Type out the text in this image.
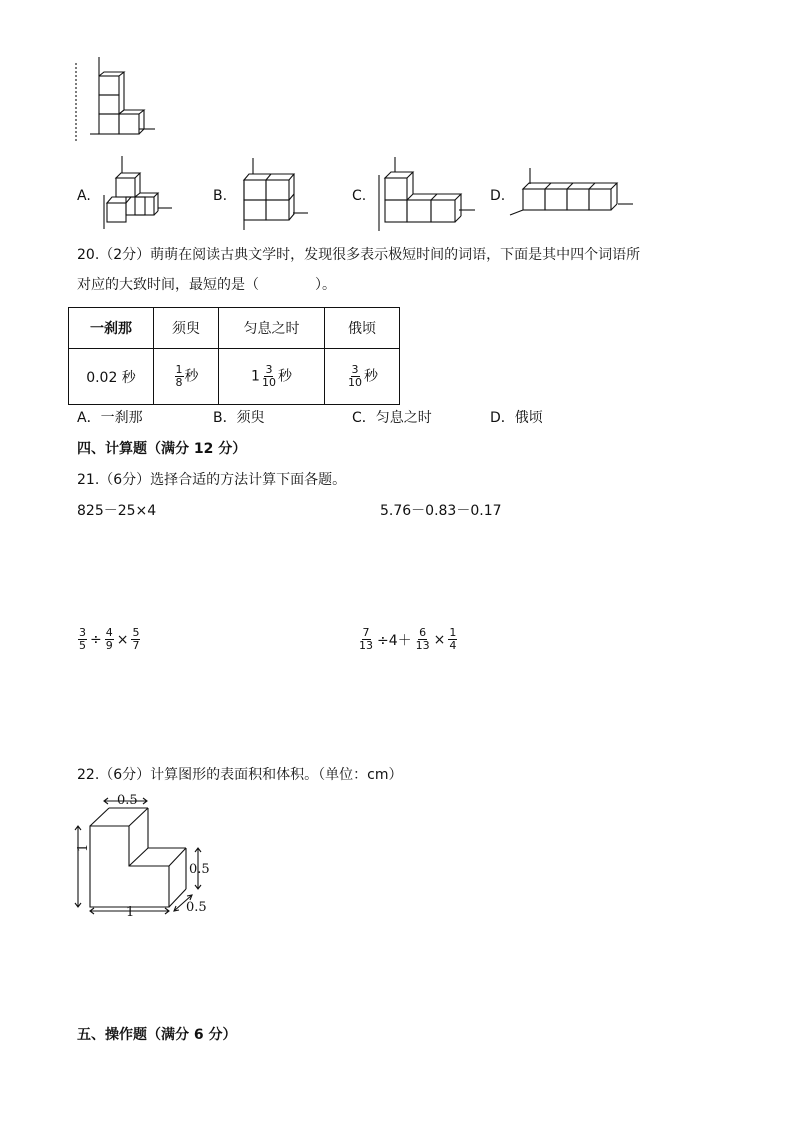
A.	B.	C.	D.
20.（2分）萌萌在阅读古典文学时，发现很多表示极短时间的词语，下面是其中四个词语所
对应的大致时间，最短的是（　　　　）。
一刹那	须臾	匀息之时	俄顷
0.02 秒	$\frac{1}{8}$ 秒	$1 \frac{3}{10}$ 秒	$\frac{3}{10}$ 秒
A．一刹那	B．须臾	C．匀息之时	D．俄顷
四、计算题（满分 12 分）
21.（6分）选择合适的方法计算下面各题。
825－25×4	5.76－0.83－0.17
$\frac{3}{5} \div \frac{4}{9} \times \frac{5}{7}$	$\frac{7}{13} \div 4+ \frac{6}{13} \times \frac{1}{4}$
22.（6分）计算图形的表面积和体积。（单位：cm）
0.5
1
0.5
1	0.5
五、操作题（满分 6 分）
